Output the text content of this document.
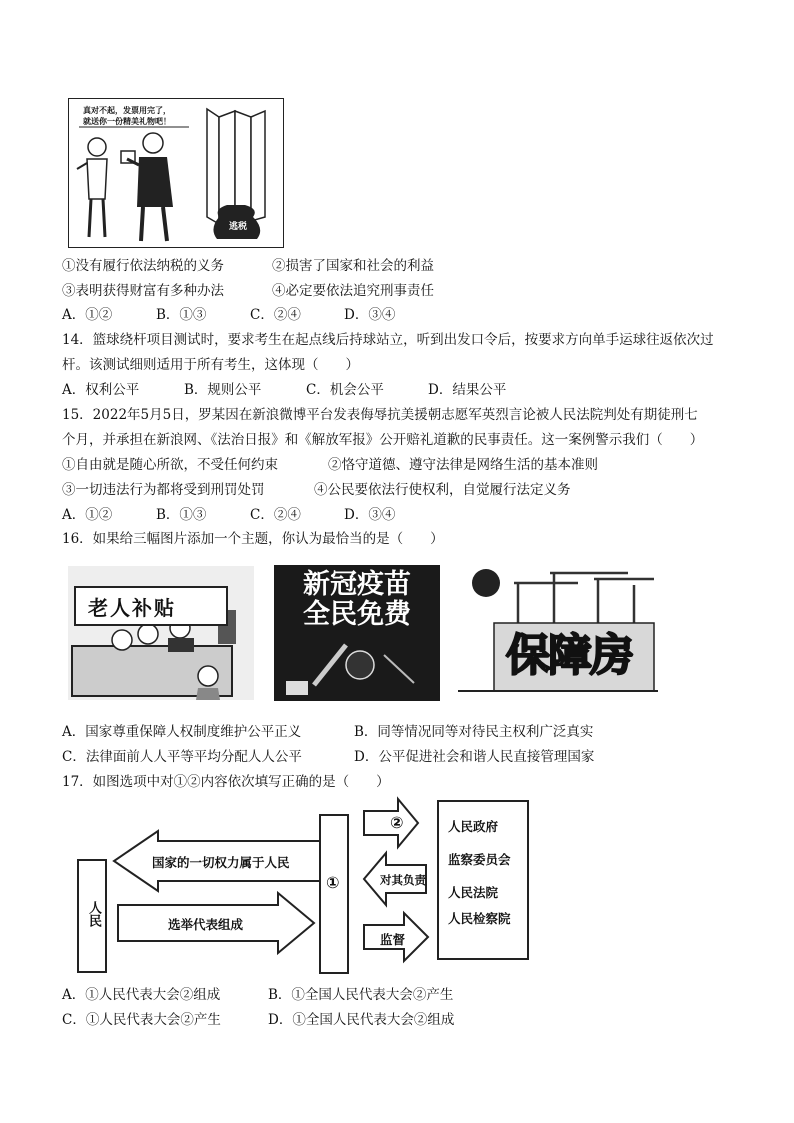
真对不起，发票用完了，
就送你一份精美礼物吧！
逃税
①没有履行依法纳税的义务	②损害了国家和社会的利益
③表明获得财富有多种办法	④必定要依法追究刑事责任
A．①②	B．①③	C．②④	D．③④
14．篮球绕杆项目测试时，要求考生在起点线后持球站立，听到出发口令后，按要求方向单手运球往返依次过
杆。该测试细则适用于所有考生，这体现（　　）
A．权利公平	B．规则公平	C．机会公平	D．结果公平
15．2022年5月5日，罗某因在新浪微博平台发表侮辱抗美援朝志愿军英烈言论被人民法院判处有期徒刑七
个月，并承担在新浪网、《法治日报》和《解放军报》公开赔礼道歉的民事责任。这一案例警示我们（　　）
①自由就是随心所欲，不受任何约束	②恪守道德、遵守法律是网络生活的基本准则
③一切违法行为都将受到刑罚处罚	④公民要依法行使权利，自觉履行法定义务
A．①②	B．①③	C．②④	D．③④
16．如果给三幅图片添加一个主题，你认为最恰当的是（　　）
老人补贴
新冠疫苗
全民免费
保障房
A．国家尊重保障人权制度维护公平正义	B．同等情况同等对待民主权利广泛真实
C．法律面前人人平等平均分配人人公平	D．公平促进社会和谐人民直接管理国家
17．如图选项中对①②内容依次填写正确的是（　　）
人民
国家的一切权力属于人民
选举代表组成
①
②
对其负责
监督
人民政府
监察委员会
人民法院
人民检察院
A．①人民代表大会②组成	B．①全国人民代表大会②产生
C．①人民代表大会②产生	D．①全国人民代表大会②组成
